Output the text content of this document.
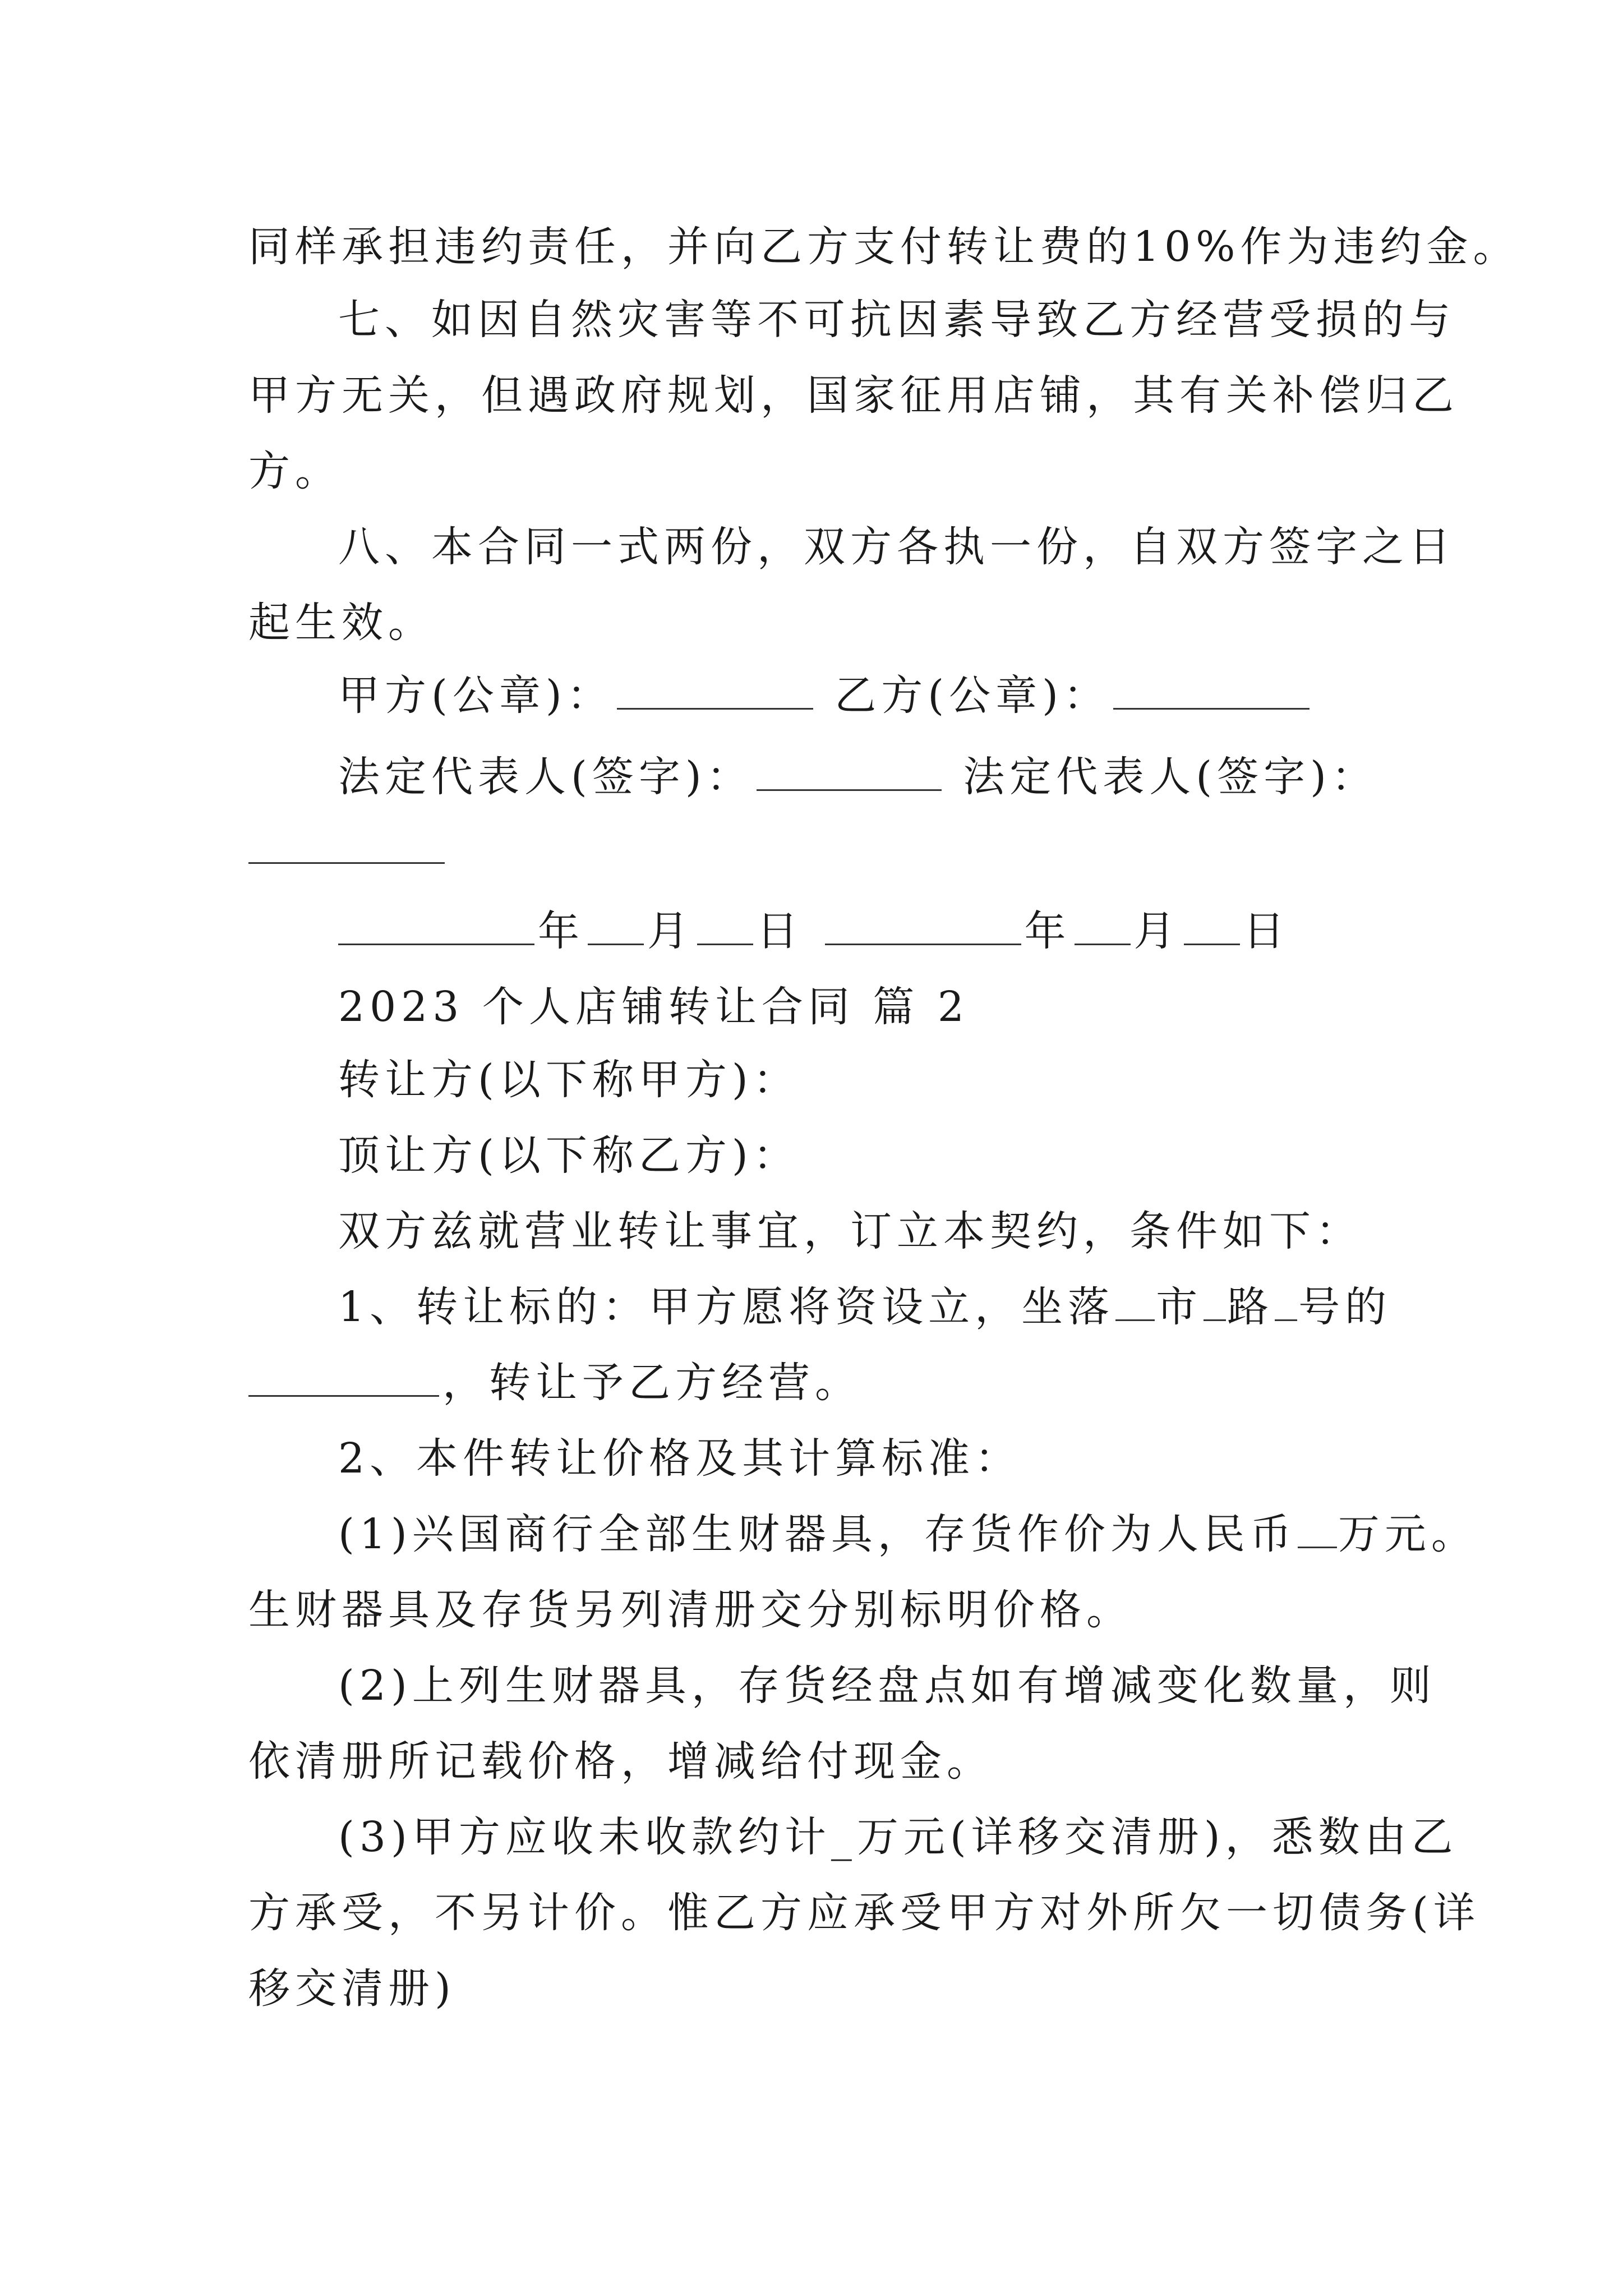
同样承担违约责任，并向乙方支付转让费的10%作为违约金。
七、如因自然灾害等不可抗因素导致乙方经营受损的与
甲方无关，但遇政府规划，国家征用店铺，其有关补偿归乙
方。
八、本合同一式两份，双方各执一份，自双方签字之日
起生效。
甲方(公章)：	乙方(公章)：
法定代表人(签字)：	法定代表人(签字)：
年 月 日	年 月 日
2023 个人店铺转让合同 篇 2
转让方(以下称甲方)：
顶让方(以下称乙方)：
双方兹就营业转让事宜，订立本契约，条件如下：
1、转让标的：甲方愿将资设立，坐落 市 路 号的
，转让予乙方经营。
2、本件转让价格及其计算标准：
(1)兴国商行全部生财器具，存货作价为人民币 万元。
生财器具及存货另列清册交分别标明价格。
(2)上列生财器具，存货经盘点如有增减变化数量，则
依清册所记载价格，增减给付现金。
(3)甲方应收未收款约计_万元(详移交清册)，悉数由乙
方承受，不另计价。惟乙方应承受甲方对外所欠一切债务(详
移交清册)
